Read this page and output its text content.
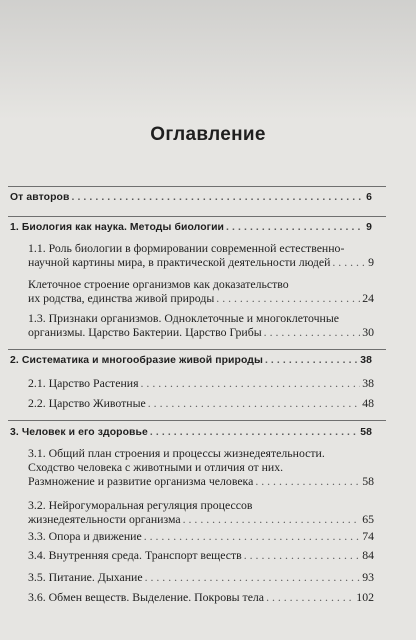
Оглавление
От авторов . . .	6
1. Биология как наука. Методы биологии . . .	9
1.1. Роль биологии в формировании современной естественно-
научной картины мира, в практической деятельности людей . . .	9
Клеточное строение организмов как доказательство
их родства, единства живой природы . . .	24
1.3. Признаки организмов. Одноклеточные и многоклеточные
организмы. Царство Бактерии. Царство Грибы . . .	30
2. Систематика и многообразие живой природы . . .	38
2.1. Царство Растения . . .	38
2.2. Царство Животные . . .	48
3. Человек и его здоровье . . .	58
3.1. Общий план строения и процессы жизнедеятельности.
Сходство человека с животными и отличия от них.
Размножение и развитие организма человека . . .	58
3.2. Нейрогуморальная регуляция процессов
жизнедеятельности организма . . .	65
3.3. Опора и движение . . .	74
3.4. Внутренняя среда. Транспорт веществ . . .	84
3.5. Питание. Дыхание . . .	93
3.6. Обмен веществ. Выделение. Покровы тела . . .	102
